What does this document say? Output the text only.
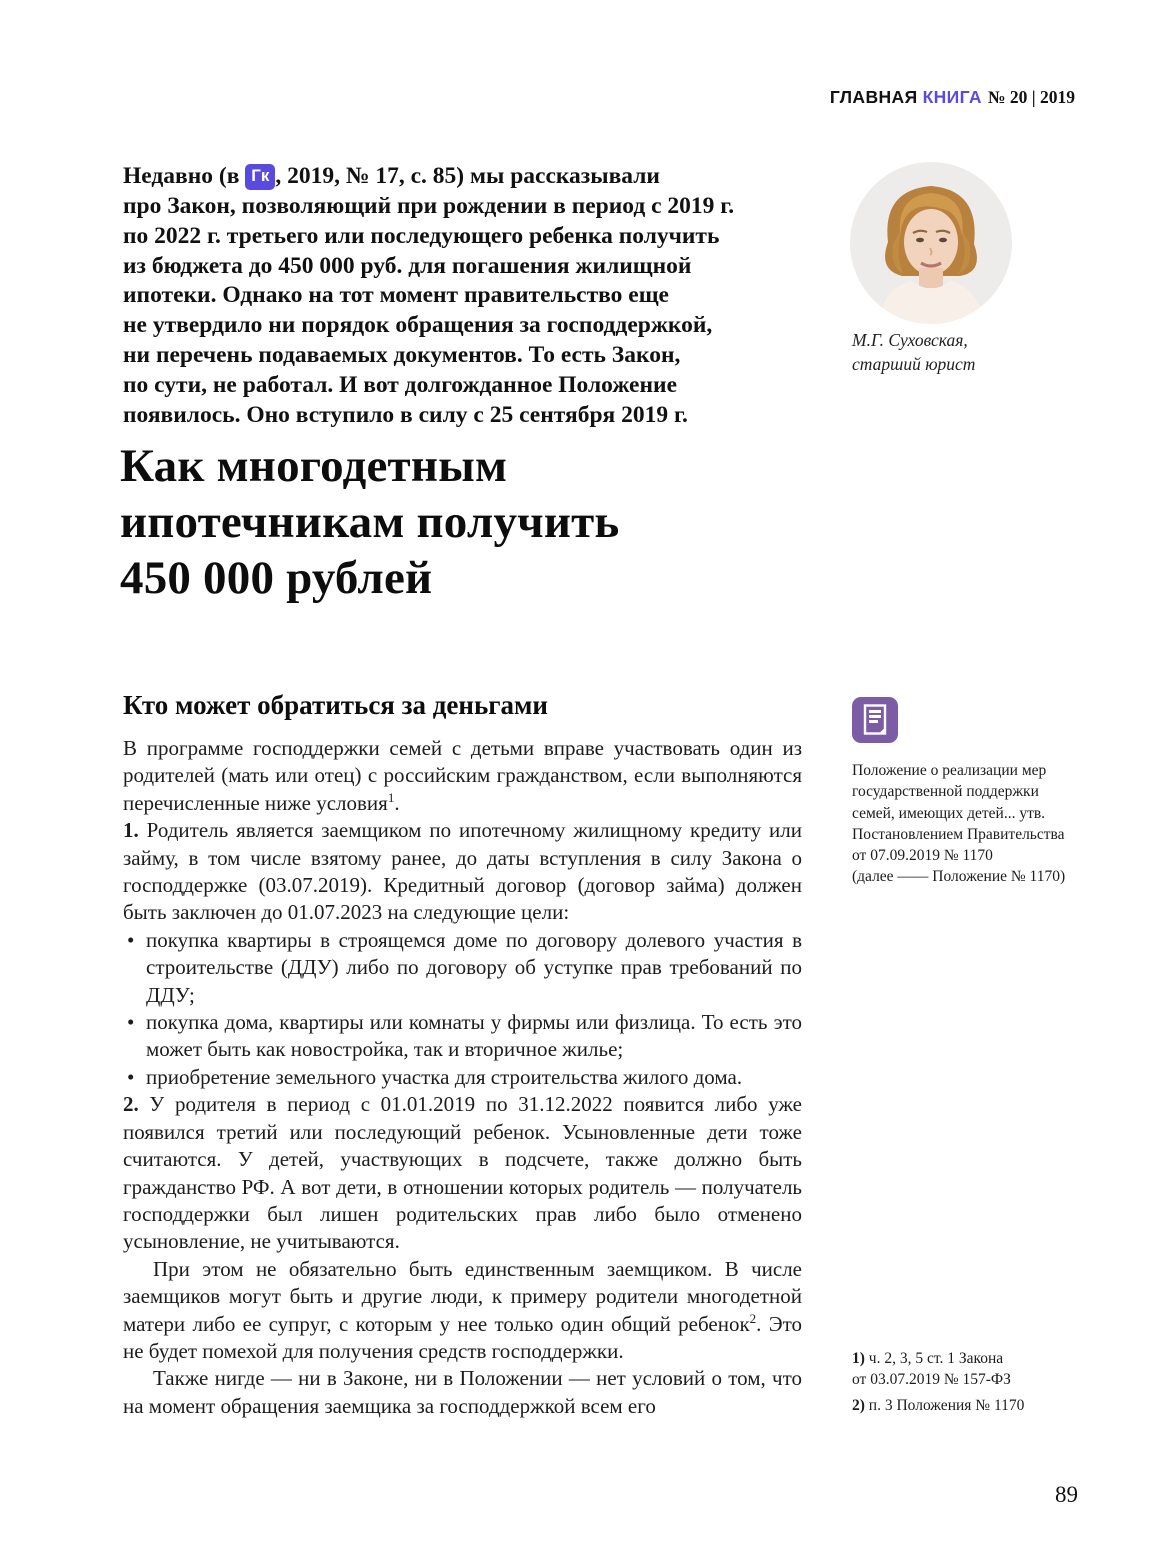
ГЛАВНАЯ КНИГА № 20 | 2019

Недавно (в Гк , 2019, № 17, с. 85) мы рассказывали
про Закон, позволяющий при рождении в период с 2019 г.
по 2022 г. третьего или последующего ребенка получить
из бюджета до 450 000 руб. для погашения жилищной
ипотеки. Однако на тот момент правительство еще
не утвердило ни порядок обращения за господдержкой,
ни перечень подаваемых документов. То есть Закон,
по сути, не работал. И вот долгожданное Положение
появилось. Оно вступило в силу с 25 сентября 2019 г.

М.Г. Суховская,
старший юрист
Как многодетным
ипотечникам получить
450 000 рублей
Кто может обратиться за деньгами

В программе господдержки семей с детьми вправе участвовать один из родителей (мать или отец) с российским гражданством, если выполняются перечисленные ниже условия$^1$.

1. Родитель является заемщиком по ипотечному жилищному кредиту или займу, в том числе взятому ранее, до даты вступления в силу Закона о господдержке (03.07.2019). Кредитный договор (договор займа) должен быть заключен до 01.07.2023 на следующие цели:

• покупка квартиры в строящемся доме по договору долевого участия в строительстве (ДДУ) либо по договору об уступке прав требований по ДДУ;
• покупка дома, квартиры или комнаты у фирмы или физлица. То есть это может быть как новостройка, так и вторичное жилье;
• приобретение земельного участка для строительства жилого дома.

2. У родителя в период с 01.01.2019 по 31.12.2022 появится либо уже появился третий или последующий ребенок. Усыновленные дети тоже считаются. У детей, участвующих в подсчете, также должно быть гражданство РФ. А вот дети, в отношении которых родитель — получатель господдержки был лишен родительских прав либо было отменено усыновление, не учитываются.

При этом не обязательно быть единственным заемщиком. В числе заемщиков могут быть и другие люди, к примеру родители многодетной матери либо ее супруг, с которым у нее только один общий ребенок$^2$. Это не будет помехой для получения средств господдержки.

Также нигде — ни в Законе, ни в Положении — нет условий о том, что на момент обращения заемщика за господдержкой всем его

Положение о реализации мер
государственной поддержки
семей, имеющих детей... утв.
Постановлением Правительства
от 07.09.2019 № 1170
(далее —— Положение № 1170)
1) ч. 2, 3, 5 ст. 1 Закона
от 03.07.2019 № 157-ФЗ
2) п. 3 Положения № 1170
89
